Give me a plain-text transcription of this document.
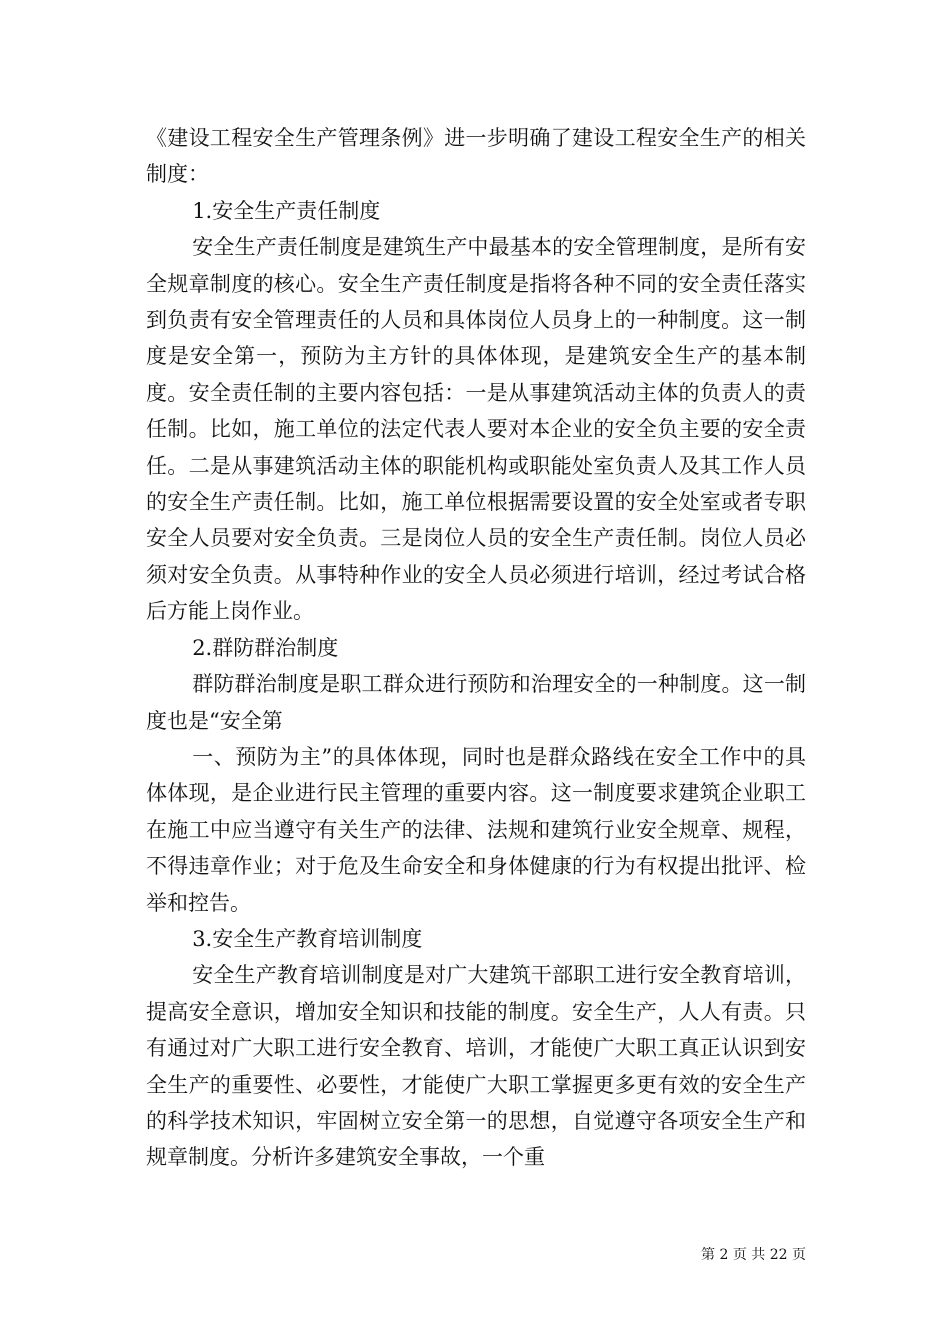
《建设工程安全生产管理条例》进一步明确了建设工程安全生产的相关制度：

1.安全生产责任制度

安全生产责任制度是建筑生产中最基本的安全管理制度，是所有安全规章制度的核心。安全生产责任制度是指将各种不同的安全责任落实到负责有安全管理责任的人员和具体岗位人员身上的一种制度。这一制度是安全第一，预防为主方针的具体体现，是建筑安全生产的基本制度。安全责任制的主要内容包括：一是从事建筑活动主体的负责人的责任制。比如，施工单位的法定代表人要对本企业的安全负主要的安全责任。二是从事建筑活动主体的职能机构或职能处室负责人及其工作人员的安全生产责任制。比如，施工单位根据需要设置的安全处室或者专职安全人员要对安全负责。三是岗位人员的安全生产责任制。岗位人员必须对安全负责。从事特种作业的安全人员必须进行培训，经过考试合格后方能上岗作业。

2.群防群治制度

群防群治制度是职工群众进行预防和治理安全的一种制度。这一制度也是“安全第

一、预防为主”的具体体现，同时也是群众路线在安全工作中的具体体现，是企业进行民主管理的重要内容。这一制度要求建筑企业职工在施工中应当遵守有关生产的法律、法规和建筑行业安全规章、规程，不得违章作业；对于危及生命安全和身体健康的行为有权提出批评、检举和控告。

3.安全生产教育培训制度

安全生产教育培训制度是对广大建筑干部职工进行安全教育培训，提高安全意识，增加安全知识和技能的制度。安全生产，人人有责。只有通过对广大职工进行安全教育、培训，才能使广大职工真正认识到安全生产的重要性、必要性，才能使广大职工掌握更多更有效的安全生产的科学技术知识，牢固树立安全第一的思想，自觉遵守各项安全生产和规章制度。分析许多建筑安全事故，一个重

第 2 页 共 22 页
